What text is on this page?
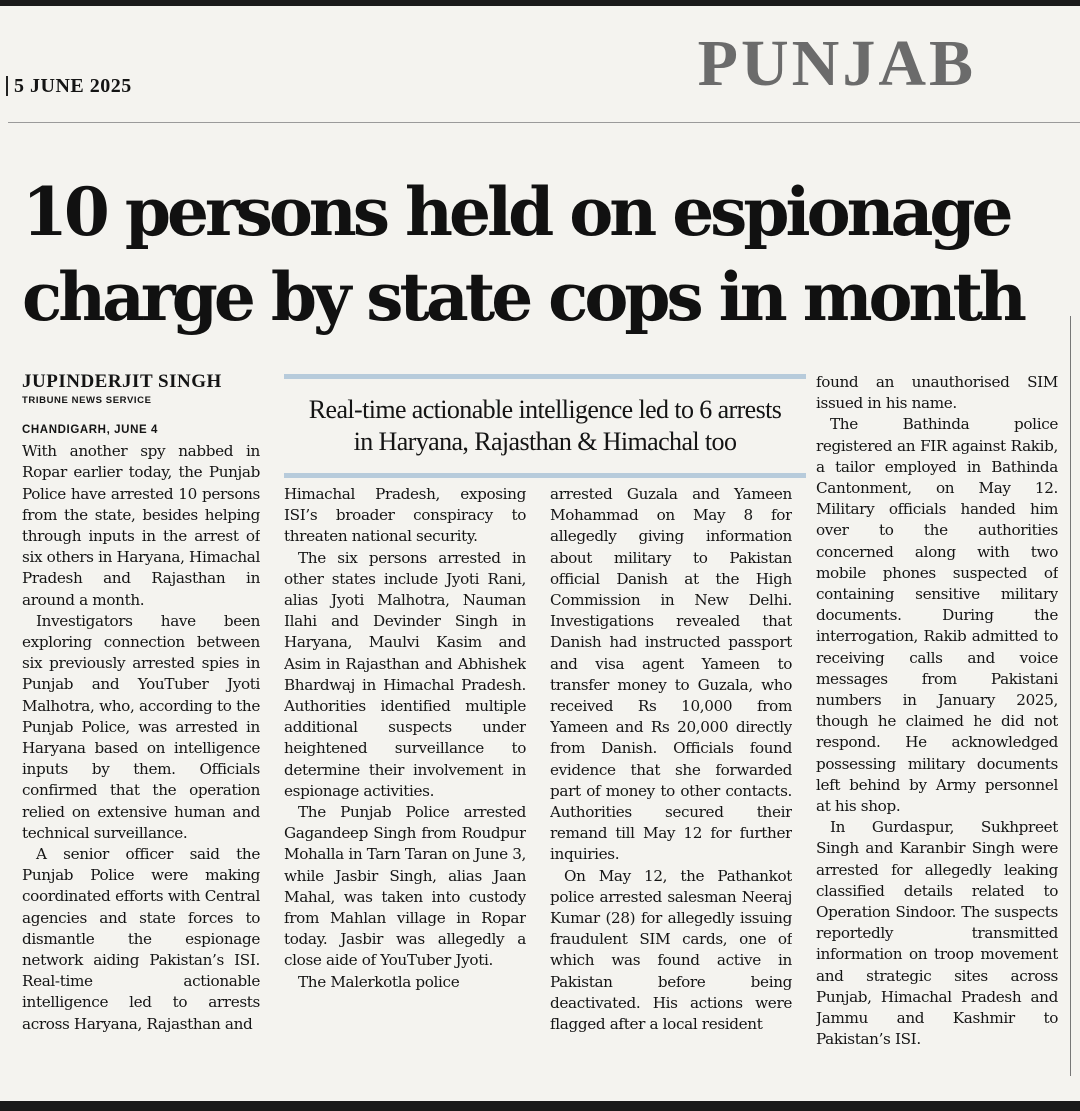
5 JUNE 2025	PUNJAB
10 persons held on espionage
charge by state cops in month
JUPINDERJIT SINGH
TRIBUNE NEWS SERVICE	Real-time actionable intelligence led to 6 arrests
in Haryana, Rajasthan & Himachal too

CHANDIGARH, JUNE 4

With another spy nabbed in Ropar earlier today, the Punjab Police have arrested 10 persons from the state, besides helping through inputs in the arrest of six others in Haryana, Himachal Pradesh and Rajasthan in around a month.

Investigators have been exploring connection between six previously arrested spies in Punjab and YouTuber Jyoti Malhotra, who, according to the Punjab Police, was arrested in Haryana based on intelligence inputs by them. Officials confirmed that the operation relied on extensive human and technical surveillance.

A senior officer said the Punjab Police were making coordinated efforts with Central agencies and state forces to dismantle the espionage network aiding Pakistan’s ISI. Real-time actionable intelligence led to arrests across Haryana, Rajasthan and

Himachal Pradesh, exposing ISI’s broader conspiracy to threaten national security.

The six persons arrested in other states include Jyoti Rani, alias Jyoti Malhotra, Nauman Ilahi and Devinder Singh in Haryana, Maulvi Kasim and Asim in Rajasthan and Abhishek Bhardwaj in Himachal Pradesh. Authorities identified multiple additional suspects under heightened surveillance to determine their involvement in espionage activities.

The Punjab Police arrested Gagandeep Singh from Roudpur Mohalla in Tarn Taran on June 3, while Jasbir Singh, alias Jaan Mahal, was taken into custody from Mahlan village in Ropar today. Jasbir was allegedly a close aide of YouTuber Jyoti.

The Malerkotla police

arrested Guzala and Yameen Mohammad on May 8 for allegedly giving information about military to Pakistan official Danish at the High Commission in New Delhi. Investigations revealed that Danish had instructed passport and visa agent Yameen to transfer money to Guzala, who received Rs 10,000 from Yameen and Rs 20,000 directly from Danish. Officials found evidence that she forwarded part of money to other contacts. Authorities secured their remand till May 12 for further inquiries.

On May 12, the Pathankot police arrested salesman Neeraj Kumar (28) for allegedly issuing fraudulent SIM cards, one of which was found active in Pakistan before being deactivated. His actions were flagged after a local resident

found an unauthorised SIM issued in his name.

The Bathinda police registered an FIR against Rakib, a tailor employed in Bathinda Cantonment, on May 12. Military officials handed him over to the authorities concerned along with two mobile phones suspected of containing sensitive military documents. During the interrogation, Rakib admitted to receiving calls and voice messages from Pakistani numbers in January 2025, though he claimed he did not respond. He acknowledged possessing military documents left behind by Army personnel at his shop.

In Gurdaspur, Sukhpreet Singh and Karanbir Singh were arrested for allegedly leaking classified details related to Operation Sindoor. The suspects reportedly transmitted information on troop movement and strategic sites across Punjab, Himachal Pradesh and Jammu and Kashmir to Pakistan’s ISI.
